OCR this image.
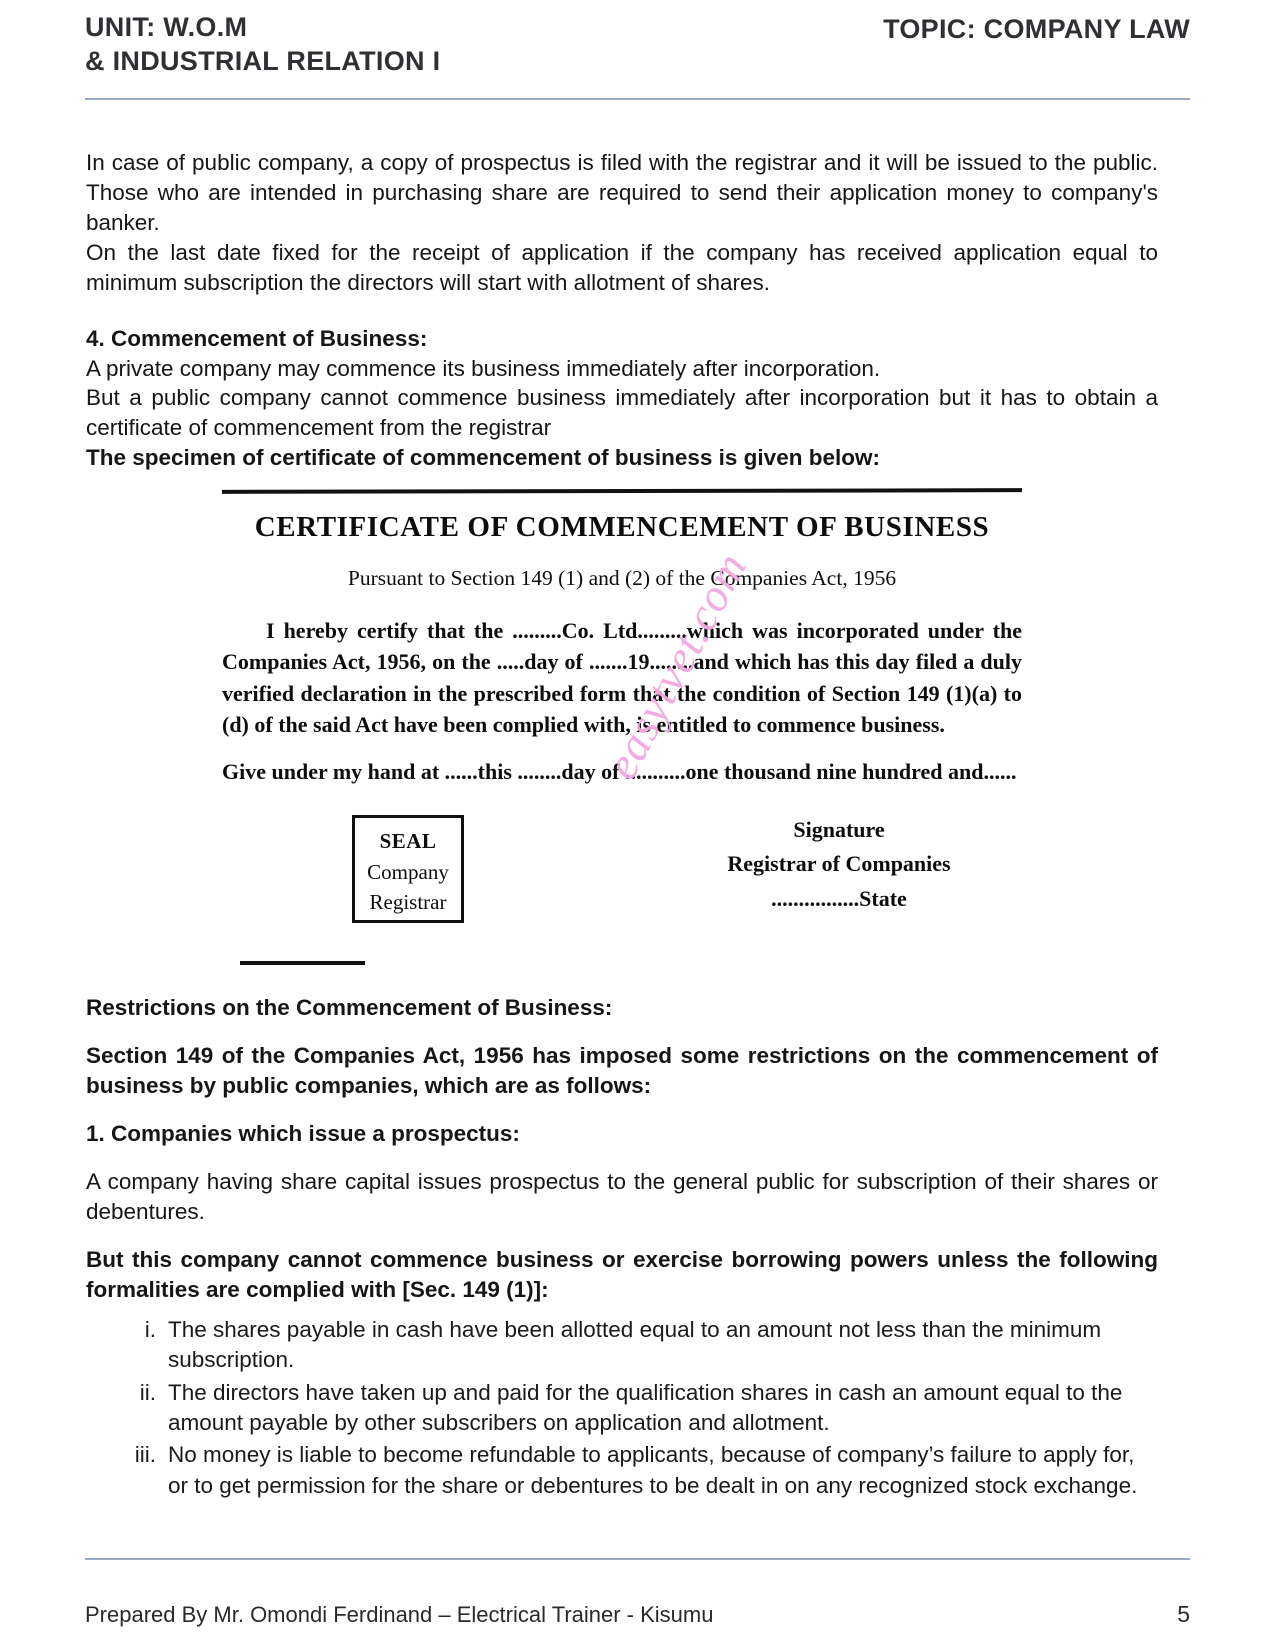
UNIT: W.O.M
& INDUSTRIAL RELATION I
TOPIC: COMPANY LAW

In case of public company, a copy of prospectus is filed with the registrar and it will be issued to the public. Those who are intended in purchasing share are required to send their application money to company's banker.

On the last date fixed for the receipt of application if the company has received application equal to minimum subscription the directors will start with allotment of shares.

4. Commencement of Business:

A private company may commence its business immediately after incorporation.

But a public company cannot commence business immediately after incorporation but it has to obtain a certificate of commencement from the registrar

The specimen of certificate of commencement of business is given below:

CERTIFICATE OF COMMENCEMENT OF BUSINESS
Pursuant to Section 149 (1) and (2) of the Companies Act, 1956

I hereby certify that the .........Co. Ltd.........which was incorporated under the Companies Act, 1956, on the .....day of .......19........and which has this day filed a duly verified declaration in the prescribed form that the condition of Section 149 (1)(a) to (d) of the said Act have been complied with, is entitled to commence business.

Give under my hand at ......this ........day of ...........one thousand nine hundred and......

SEAL
Company
Registrar
Signature
Registrar of Companies
................State
easytvet.com

Restrictions on the Commencement of Business:

Section 149 of the Companies Act, 1956 has imposed some restrictions on the commencement of business by public companies, which are as follows:

1. Companies which issue a prospectus:

A company having share capital issues prospectus to the general public for subscription of their shares or debentures.

But this company cannot commence business or exercise borrowing powers unless the following formalities are complied with [Sec. 149 (1)]:

i. The shares payable in cash have been allotted equal to an amount not less than the minimum subscription.
ii. The directors have taken up and paid for the qualification shares in cash an amount equal to the amount payable by other subscribers on application and allotment.
iii. No money is liable to become refundable to applicants, because of company’s failure to apply for, or to get permission for the share or debentures to be dealt in on any recognized stock exchange.
Prepared By Mr. Omondi Ferdinand – Electrical Trainer - Kisumu	5
